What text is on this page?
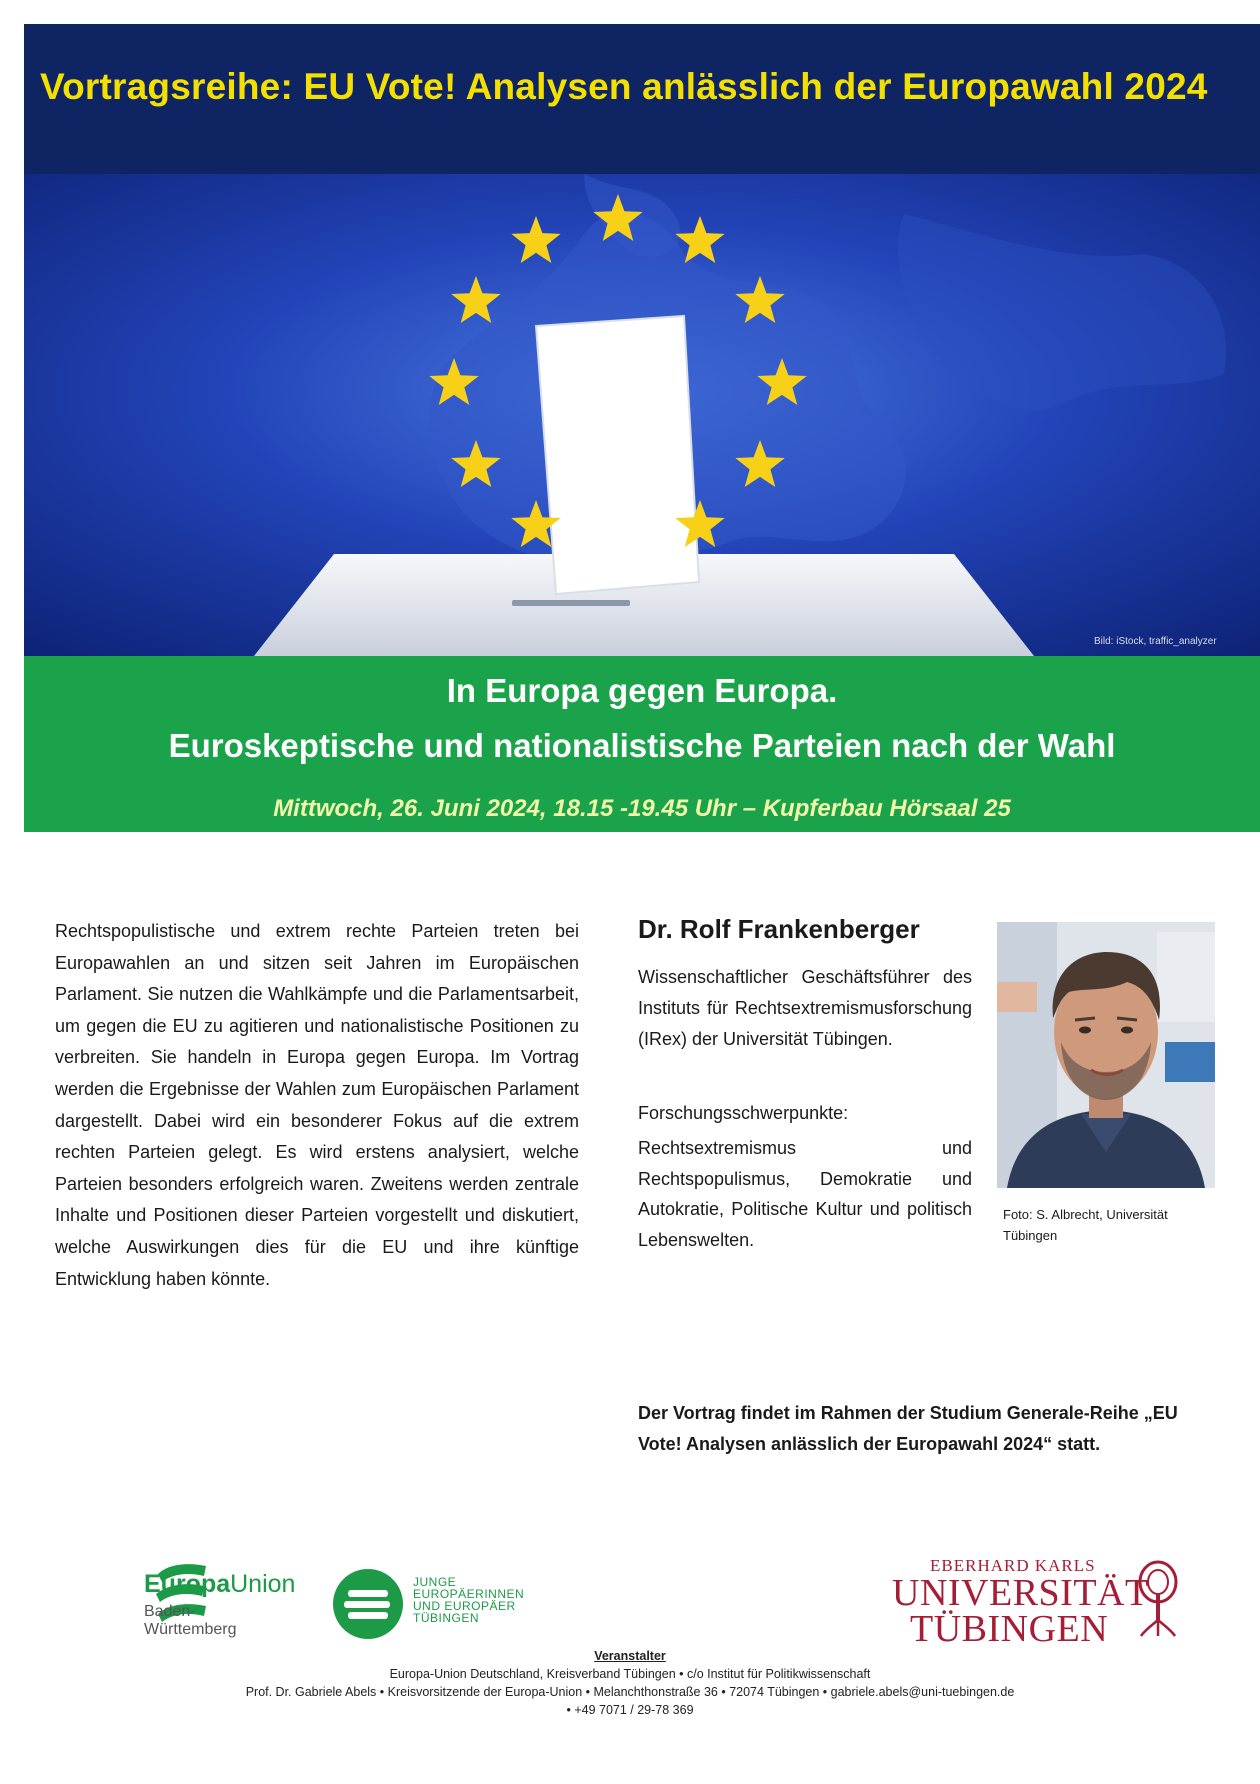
Vortragsreihe: EU Vote! Analysen anlässlich der Europawahl 2024
Bild: iStock, traffic_analyzer
In Europa gegen Europa.
Euroskeptische und nationalistische Parteien nach der Wahl
Mittwoch, 26. Juni 2024, 18.15 -19.45 Uhr – Kupferbau Hörsaal 25
Rechtspopulistische und extrem rechte Parteien treten bei Europawahlen an und sitzen seit Jahren im Europäischen Parlament. Sie nutzen die Wahlkämpfe und die Parlamentsarbeit, um gegen die EU zu agitieren und nationalistische Positionen zu verbreiten. Sie handeln in Europa gegen Europa. Im Vortrag werden die Ergebnisse der Wahlen zum Europäischen Parlament dargestellt. Dabei wird ein besonderer Fokus auf die extrem rechten Parteien gelegt. Es wird erstens analysiert, welche Parteien besonders erfolgreich waren. Zweitens werden zentrale Inhalte und Positionen dieser Parteien vorgestellt und diskutiert, welche Auswirkungen dies für die EU und ihre künftige Entwicklung haben könnte.
Dr. Rolf Frankenberger
Wissenschaftlicher Geschäftsführer des Instituts für Rechtsextremismusforschung (IRex) der Universität Tübingen.
Forschungsschwerpunkte:
Rechtsextremismus und Rechtspopulismus, Demokratie und Autokratie, Politische Kultur und politisch Lebenswelten.
Foto: S. Albrecht, Universität Tübingen
Der Vortrag findet im Rahmen der Studium Generale-Reihe „EU Vote! Analysen anlässlich der Europawahl 2024“ statt.
EuropaUnion
Baden-
Württemberg
JUNGE EUROPÄERINNEN UND EUROPÄER TÜBINGEN
EBERHARD KARLS
UNIVERSITÄT
TÜBINGEN
Veranstalter
Europa-Union Deutschland, Kreisverband Tübingen • c/o Institut für Politikwissenschaft
Prof. Dr. Gabriele Abels • Kreisvorsitzende der Europa-Union • Melanchthonstraße 36 • 72074 Tübingen • gabriele.abels@uni-tuebingen.de
• +49 7071 / 29-78 369
